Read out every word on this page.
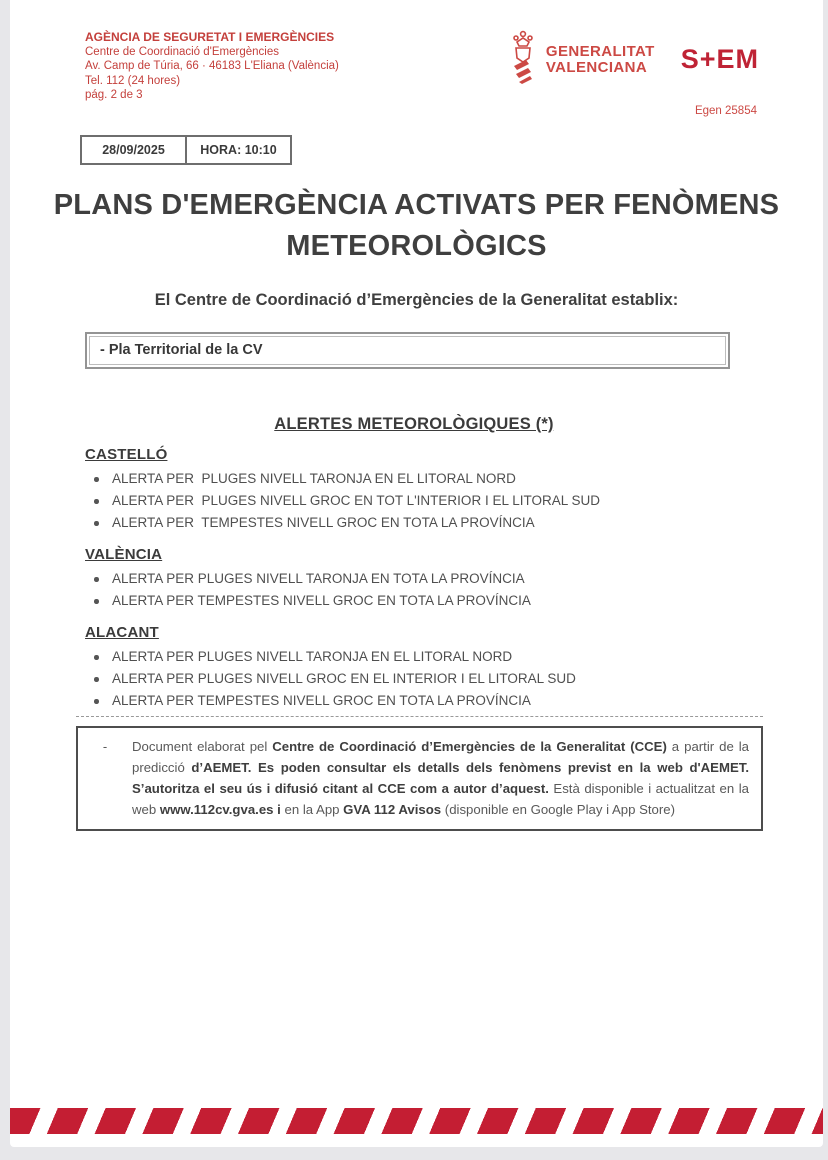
AGÈNCIA DE SEGURETAT I EMERGÈNCIES
Centre de Coordinació d'Emergències
Av. Camp de Túria, 66 · 46183 L'Eliana (València)
Tel. 112 (24 hores)
pág. 2 de 3
GENERALITAT
VALENCIANA S+EM
Egen 25854
28/09/2025	HORA: 10:10
PLANS D'EMERGÈNCIA ACTIVATS PER FENÒMENS
METEOROLÒGICS
El Centre de Coordinació d’Emergències de la Generalitat establix:
- Pla Territorial de la CV
ALERTES METEOROLÒGIQUES (*)
CASTELLÓ
ALERTA PER  PLUGES NIVELL TARONJA EN EL LITORAL NORD
ALERTA PER  PLUGES NIVELL GROC EN TOT L'INTERIOR I EL LITORAL SUD
ALERTA PER  TEMPESTES NIVELL GROC EN TOTA LA PROVÍNCIA
VALÈNCIA
ALERTA PER PLUGES NIVELL TARONJA EN TOTA LA PROVÍNCIA
ALERTA PER TEMPESTES NIVELL GROC EN TOTA LA PROVÍNCIA
ALACANT
ALERTA PER PLUGES NIVELL TARONJA EN EL LITORAL NORD
ALERTA PER PLUGES NIVELL GROC EN EL INTERIOR I EL LITORAL SUD
ALERTA PER TEMPESTES NIVELL GROC EN TOTA LA PROVÍNCIA
-	Document elaborat pel Centre de Coordinació d’Emergències de la Generalitat (CCE) a partir de la predicció d’AEMET. Es poden consultar els detalls dels fenòmens previst en la web d'AEMET. S’autoritza el seu ús i difusió citant al CCE com a autor d’aquest. Està disponible i actualitzat en la web www.112cv.gva.es i en la App GVA 112 Avisos (disponible en Google Play i App Store)
